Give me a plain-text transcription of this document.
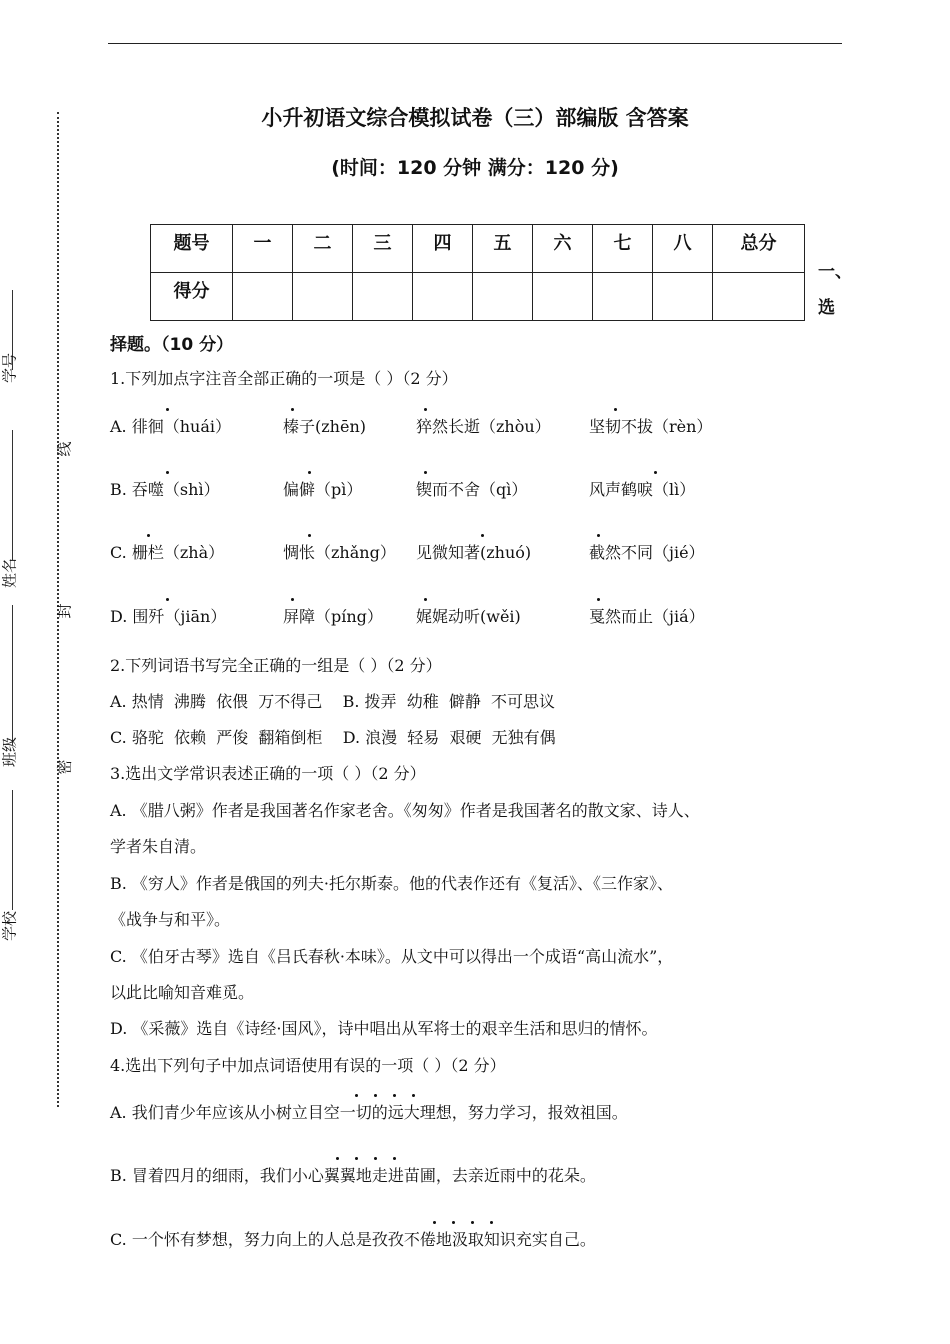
学号
线
姓名
封
班级 密
学校
小升初语文综合模拟试卷（三）部编版 含答案
(时间：120 分钟 满分：120 分)
题号	一	二	三	四	五	六	七	八	总分

得分									

一、
选
择题。（10 分）
1.下列加点字注音全部正确的一项是（ ）（2 分）
A. 徘徊（huái）	榛子(zhēn)	猝然长逝（zhòu） 坚韧不拔（rèn）
B. 吞噬（shì）	偏僻（pì）	锲而不舍（qì）	风声鹤唳（lì）
C. 栅栏（zhà）	惆怅（zhǎng） 见微知著(zhuó)	截然不同（jié）
D. 围歼（jiān）	屏障（píng） 娓娓动听(wěi)	戛然而止（jiá）
2.下列词语书写完全正确的一组是（ ）（2 分）
A. 热情  沸腾  依偎  万不得己    B. 拨弄  幼稚  僻静  不可思议
C. 骆驼  依赖  严俊  翻箱倒柜    D. 浪漫  轻易  艰硬  无独有偶
3.选出文学常识表述正确的一项（ ）（2 分）
A. 《腊八粥》作者是我国著名作家老舍。《匆匆》作者是我国著名的散文家、诗人、
学者朱自清。
B. 《穷人》作者是俄国的列夫·托尔斯泰。他的代表作还有《复活》、《三作家》、
《战争与和平》。
C. 《伯牙古琴》选自《吕氏春秋·本味》。从文中可以得出一个成语“高山流水”，
以此比喻知音难觅。
D. 《采薇》选自《诗经·国风》，诗中唱出从军将士的艰辛生活和思归的情怀。
4.选出下列句子中加点词语使用有误的一项（ ）（2 分）
A. 我们青少年应该从小树立目空一切的远大理想，努力学习，报效祖国。
B. 冒着四月的细雨，我们小心翼翼地走进苗圃，去亲近雨中的花朵。
C. 一个怀有梦想，努力向上的人总是孜孜不倦地汲取知识充实自己。
